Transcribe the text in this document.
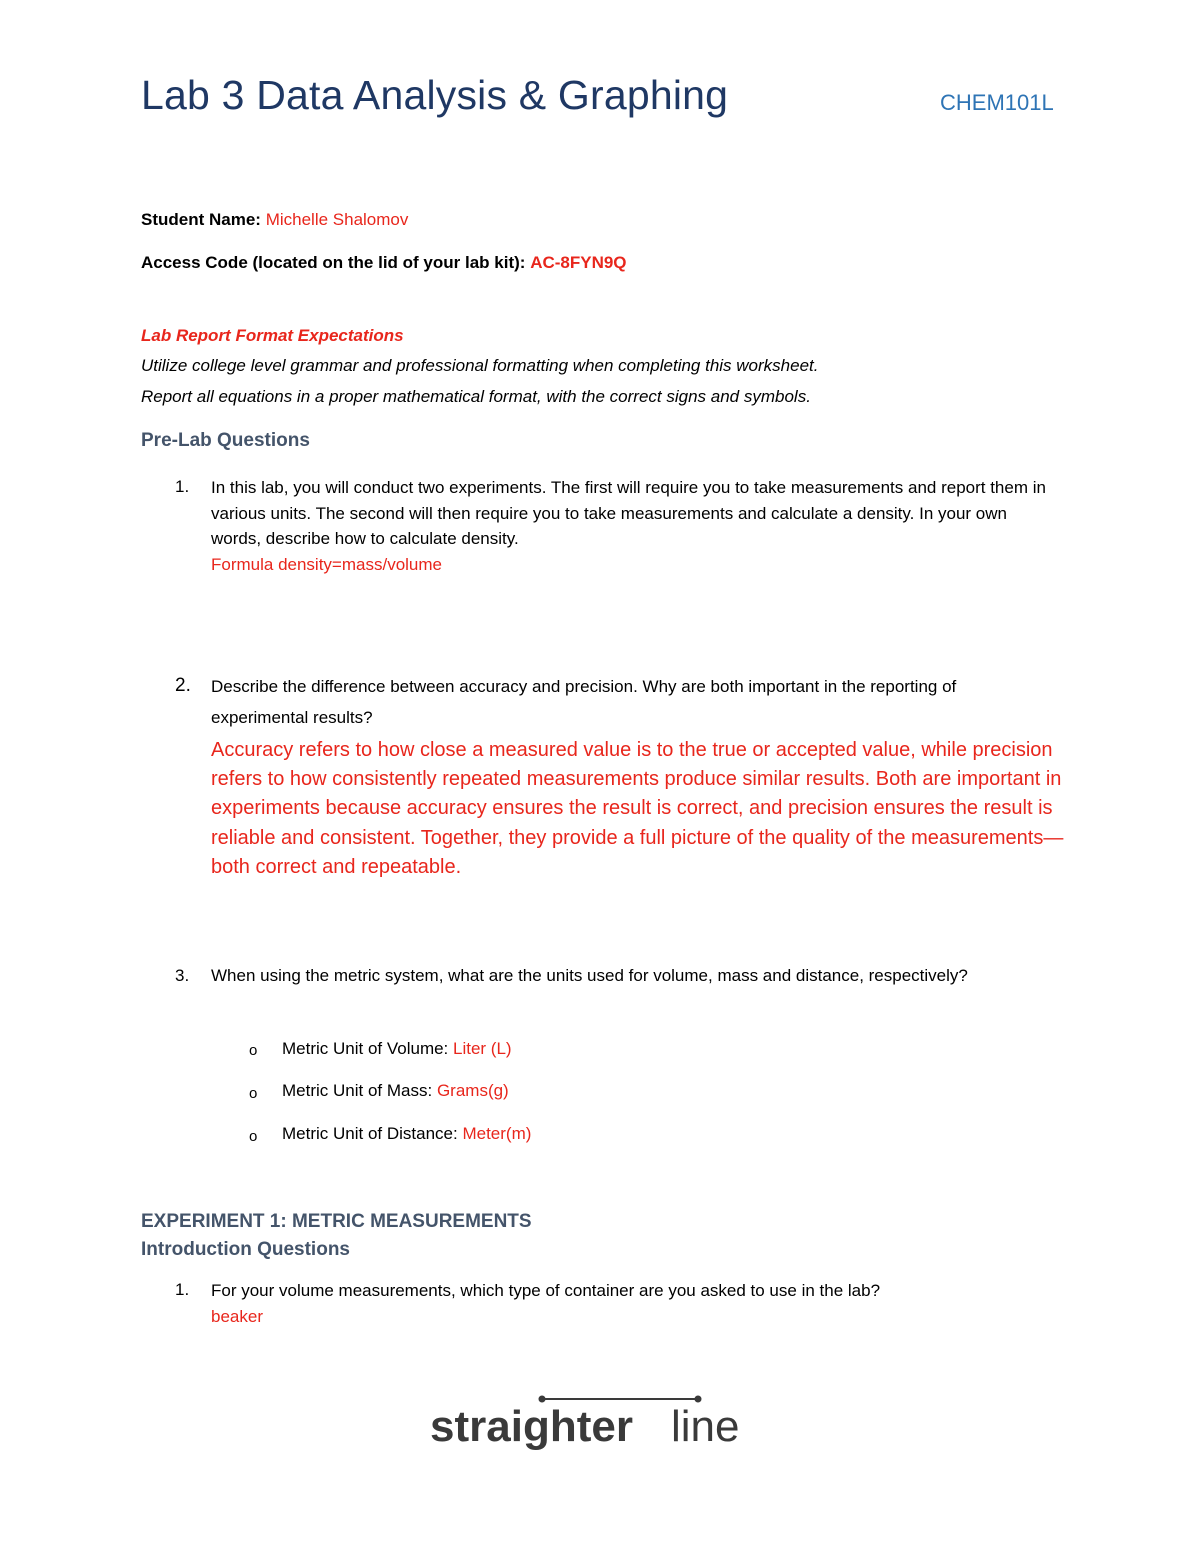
Lab 3 Data Analysis & Graphing	CHEM101L
Student Name: Michelle Shalomov
Access Code (located on the lid of your lab kit): AC-8FYN9Q
Lab Report Format Expectations
Utilize college level grammar and professional formatting when completing this worksheet.
Report all equations in a proper mathematical format, with the correct signs and symbols.
Pre-Lab Questions
1. In this lab, you will conduct two experiments. The first will require you to take measurements and report them in various units. The second will then require you to take measurements and calculate a density. In your own words, describe how to calculate density.
Formula density=mass/volume
2. Describe the difference between accuracy and precision. Why are both important in the reporting of experimental results?
Accuracy refers to how close a measured value is to the true or accepted value, while precision refers to how consistently repeated measurements produce similar results. Both are important in experiments because accuracy ensures the result is correct, and precision ensures the result is reliable and consistent. Together, they provide a full picture of the quality of the measurements—both correct and repeatable.
3. When using the metric system, what are the units used for volume, mass and distance, respectively?
o Metric Unit of Volume: Liter (L)
o Metric Unit of Mass: Grams(g)
o Metric Unit of Distance: Meter(m)
EXPERIMENT 1: METRIC MEASUREMENTS
Introduction Questions
1. For your volume measurements, which type of container are you asked to use in the lab?
beaker
straighter line
